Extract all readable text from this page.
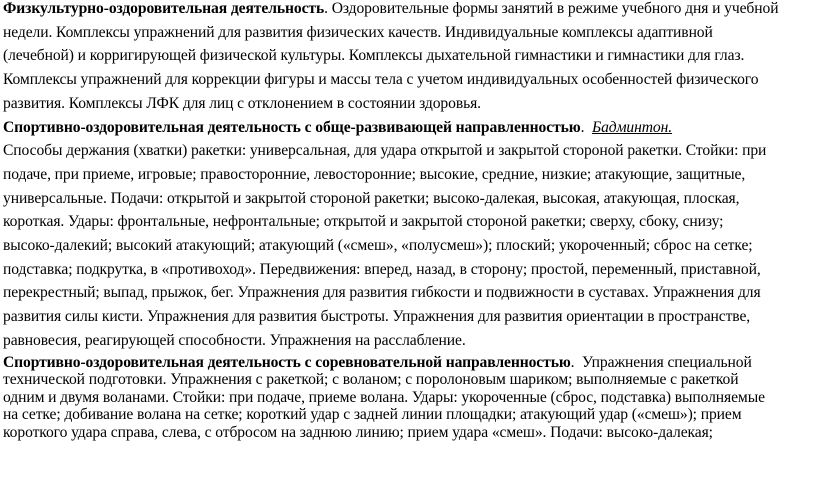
Физкультурно-оздоровительная деятельность. Оздоровительные формы занятий в режиме учебного дня и учебной
недели. Комплексы упражнений для развития физических качеств. Индивидуальные комплексы адаптивной
(лечебной) и корригирующей физической культуры. Комплексы дыхательной гимнастики и гимнастики для глаз.
Комплексы упражнений для коррекции фигуры и массы тела с учетом индивидуальных особенностей физического
развития. Комплексы ЛФК для лиц с отклонением в состоянии здоровья.

Спортивно-оздоровительная деятельность с обще-развивающей направленностью.  Бадминтон.
Способы держания (хватки) ракетки: универсальная, для удара открытой и закрытой стороной ракетки. Стойки: при
подаче, при приеме, игровые; правосторонние, левосторонние; высокие, средние, низкие; атакующие, защитные,
универсальные. Подачи: открытой и закрытой стороной ракетки; высоко-далекая, высокая, атакующая, плоская,
короткая. Удары: фронтальные, нефронтальные; открытой и закрытой стороной ракетки; сверху, сбоку, снизу;
высоко-далекий; высокий атакующий; атакующий («смеш», «полусмеш»); плоский; укороченный; сброс на сетке;
подставка; подкрутка, в «противоход». Передвижения: вперед, назад, в сторону; простой, переменный, приставной,
перекрестный; выпад, прыжок, бег. Упражнения для развития гибкости и подвижности в суставах. Упражнения для
развития силы кисти. Упражнения для развития быстроты. Упражнения для развития ориентации в пространстве,
равновесия, реагирующей способности. Упражнения на расслабление.

Спортивно-оздоровительная деятельность с соревновательной направленностью.  Упражнения специальной
технической подготовки. Упражнения с ракеткой; с воланом; с поролоновым шариком; выполняемые с ракеткой
одним и двумя воланами. Стойки: при подаче, приеме волана. Удары: укороченные (сброс, подставка) выполняемые
на сетке; добивание волана на сетке; короткий удар с задней линии площадки; атакующий удар («смеш»); прием
короткого удара справа, слева, с отбросом на заднюю линию; прием удара «смеш». Подачи: высоко-далекая;
